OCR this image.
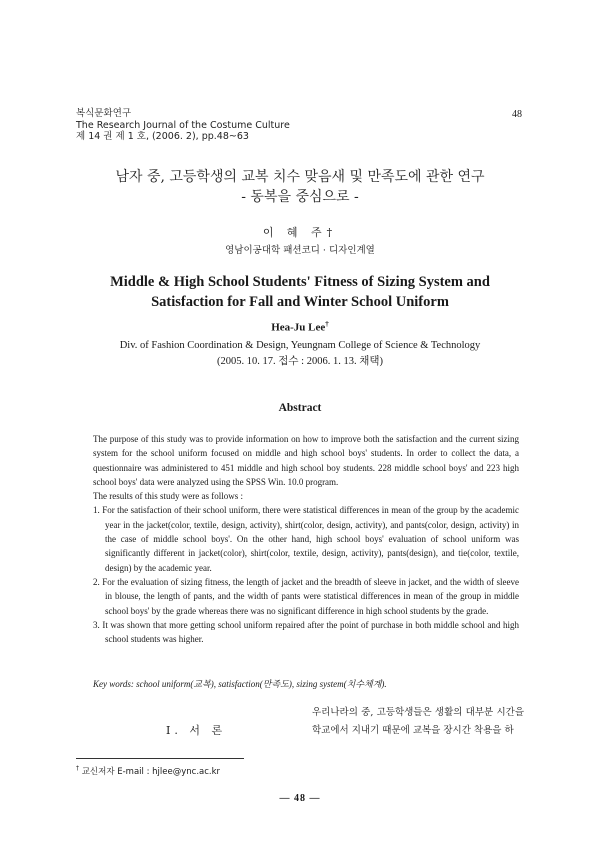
복식문화연구
The Research Journal of the Costume Culture
제 14 권 제 1 호, (2006. 2), pp.48~63
48
남자 중, 고등학생의 교복 치수 맞음새 및 만족도에 관한 연구
- 동복을 중심으로 -
이 혜 주†
영남이공대학 패션코디 · 디자인계열
Middle & High School Students' Fitness of Sizing System and
Satisfaction for Fall and Winter School Uniform
Hea-Ju Lee†
Div. of Fashion Coordination & Design, Yeungnam College of Science & Technology
(2005. 10. 17. 접수 : 2006. 1. 13. 채택)
Abstract

The purpose of this study was to provide information on how to improve both the satisfaction and the current sizing system for the school uniform focused on middle and high school boys' students. In order to collect the data, a questionnaire was administered to 451 middle and high school boy students. 228 middle school boys' and 223 high school boys' data were analyzed using the SPSS Win. 10.0 program.

The results of this study were as follows :

1. For the satisfaction of their school uniform, there were statistical differences in mean of the group by the academic year in the jacket(color, textile, design, activity), shirt(color, design, activity), and pants(color, design, activity) in the case of middle school boys'. On the other hand, high school boys' evaluation of school uniform was significantly different in jacket(color), shirt(color, textile, design, activity), pants(design), and tie(color, textile, design) by the academic year.
2. For the evaluation of sizing fitness, the length of jacket and the breadth of sleeve in jacket, and the width of sleeve in blouse, the length of pants, and the width of pants were statistical differences in mean of the group in middle school boys' by the grade whereas there was no significant difference in high school students by the grade.
3. It was shown that more getting school uniform repaired after the point of purchase in both middle school and high school students was higher.
Key words: school uniform(교복), satisfaction(만족도), sizing system(치수체계).
I. 서 론
우리나라의 중, 고등학생들은 생활의 대부분 시간을 학교에서 지내기 때문에 교복을 장시간 착용을 하
† 교신저자 E-mail : hjlee@ync.ac.kr
— 48 —
